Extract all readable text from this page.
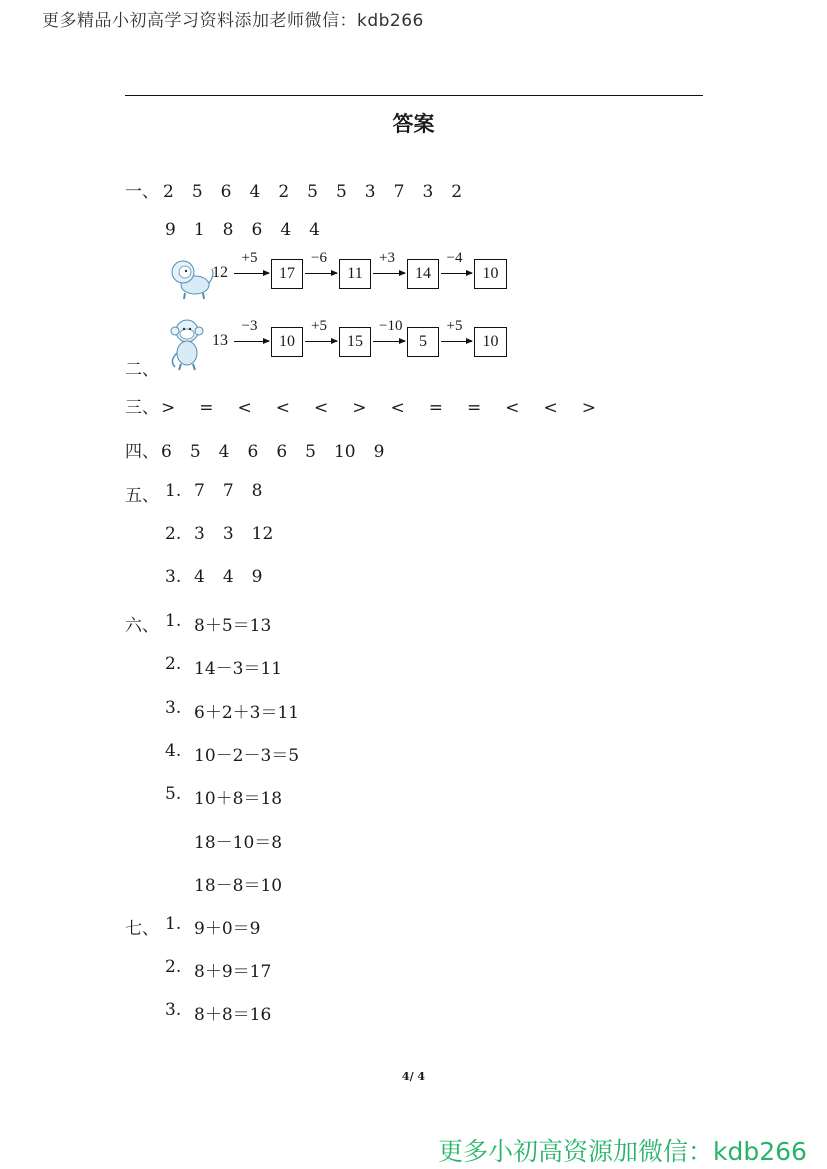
更多精品小初高学习资料添加老师微信：kdb266
答案
一、 2 5 6 4 2 5 5 3 7 3 2
9 1 8 6 4 4
12
+5
17
−6
11
+3
14
−4
10
13
−3
10
+5
15
−10
5
+5
10
二、
三、 > = < < < > < = = < < >
四、 6 5 4 6 6 5 10 9
五、 1. 7 7 8
2. 3 3 12
3. 4 4 9
六、 1. 8＋5＝13
2. 14－3＝11
3. 6＋2＋3＝11
4. 10－2－3＝5
5. 10＋8＝18
18－10＝8
18－8＝10
七、 1. 9＋0＝9
2. 8＋9＝17
3. 8＋8＝16
4/ 4
更多小初高资源加微信：kdb266
